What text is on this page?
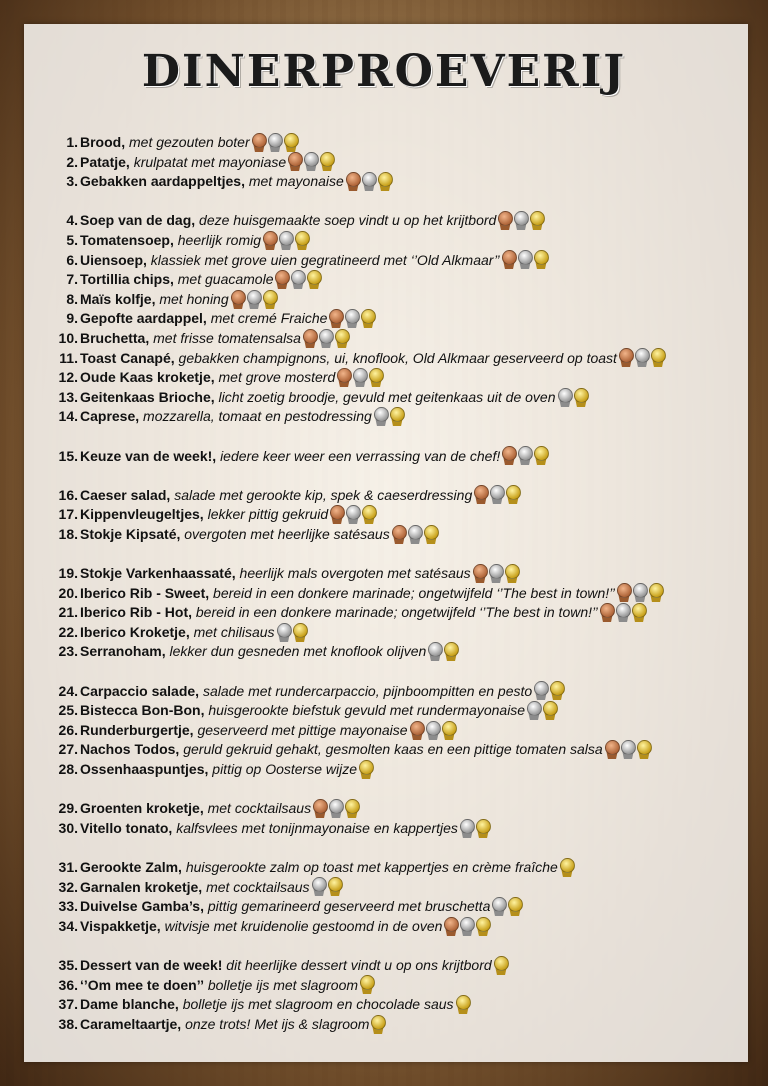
DINERPROEVERIJ
1. Brood,
met gezouten boter
2. Patatje,
krulpatat met mayoniase
3. Gebakken aardappeltjes,
met mayonaise
4. Soep van de dag,
deze huisgemaakte soep vindt u op het krijtbord
5. Tomatensoep,
heerlijk romig
6. Uiensoep,
klassiek met grove uien gegratineerd met ‘’Old Alkmaar’’
7. Tortillia chips,
met guacamole
8. Maïs kolfje,
met honing
9. Gepofte aardappel,
met cremé Fraiche
10. Bruchetta,
met frisse tomatensalsa
11. Toast Canapé,
gebakken champignons, ui, knoflook, Old Alkmaar geserveerd op toast
12. Oude Kaas kroketje,
met grove mosterd
13. Geitenkaas Brioche,
licht zoetig broodje, gevuld met geitenkaas uit de oven
14. Caprese,
mozzarella, tomaat en pestodressing
15. Keuze van de week!,
iedere keer weer een verrassing van de chef!
16. Caeser salad,
salade met gerookte kip, spek & caeserdressing
17. Kippenvleugeltjes,
lekker pittig gekruid
18. Stokje Kipsaté,
overgoten met heerlijke satésaus
19. Stokje Varkenhaassaté,
heerlijk mals overgoten met satésaus
20. Iberico Rib - Sweet,
bereid in een donkere marinade; ongetwijfeld ‘’The best in town!’’
21. Iberico Rib - Hot,
bereid in een donkere marinade; ongetwijfeld ‘’The best in town!’’
22. Iberico Kroketje,
met chilisaus
23. Serranoham,
lekker dun gesneden met knoflook olijven
24. Carpaccio salade,
salade met rundercarpaccio, pijnboompitten en pesto
25. Bistecca Bon-Bon,
huisgerookte biefstuk gevuld met rundermayonaise
26. Runderburgertje,
geserveerd met pittige mayonaise
27. Nachos Todos,
geruld gekruid gehakt, gesmolten kaas en een pittige tomaten salsa
28. Ossenhaaspuntjes,
pittig op Oosterse wijze
29. Groenten kroketje,
met cocktailsaus
30. Vitello tonato,
kalfsvlees met tonijnmayonaise en kappertjes
31. Gerookte Zalm,
huisgerookte zalm op toast met kappertjes en crème fraîche
32. Garnalen kroketje,
met cocktailsaus
33. Duivelse Gamba’s,
pittig gemarineerd geserveerd met bruschetta
34. Vispakketje,
witvisje met kruidenolie gestoomd in de oven
35. Dessert van de week!
dit heerlijke dessert vindt u op ons krijtbord
36. ‘’Om mee te doen’’
bolletje ijs met slagroom
37. Dame blanche,
bolletje ijs met slagroom en chocolade saus
38. Carameltaartje,
onze trots! Met ijs & slagroom
